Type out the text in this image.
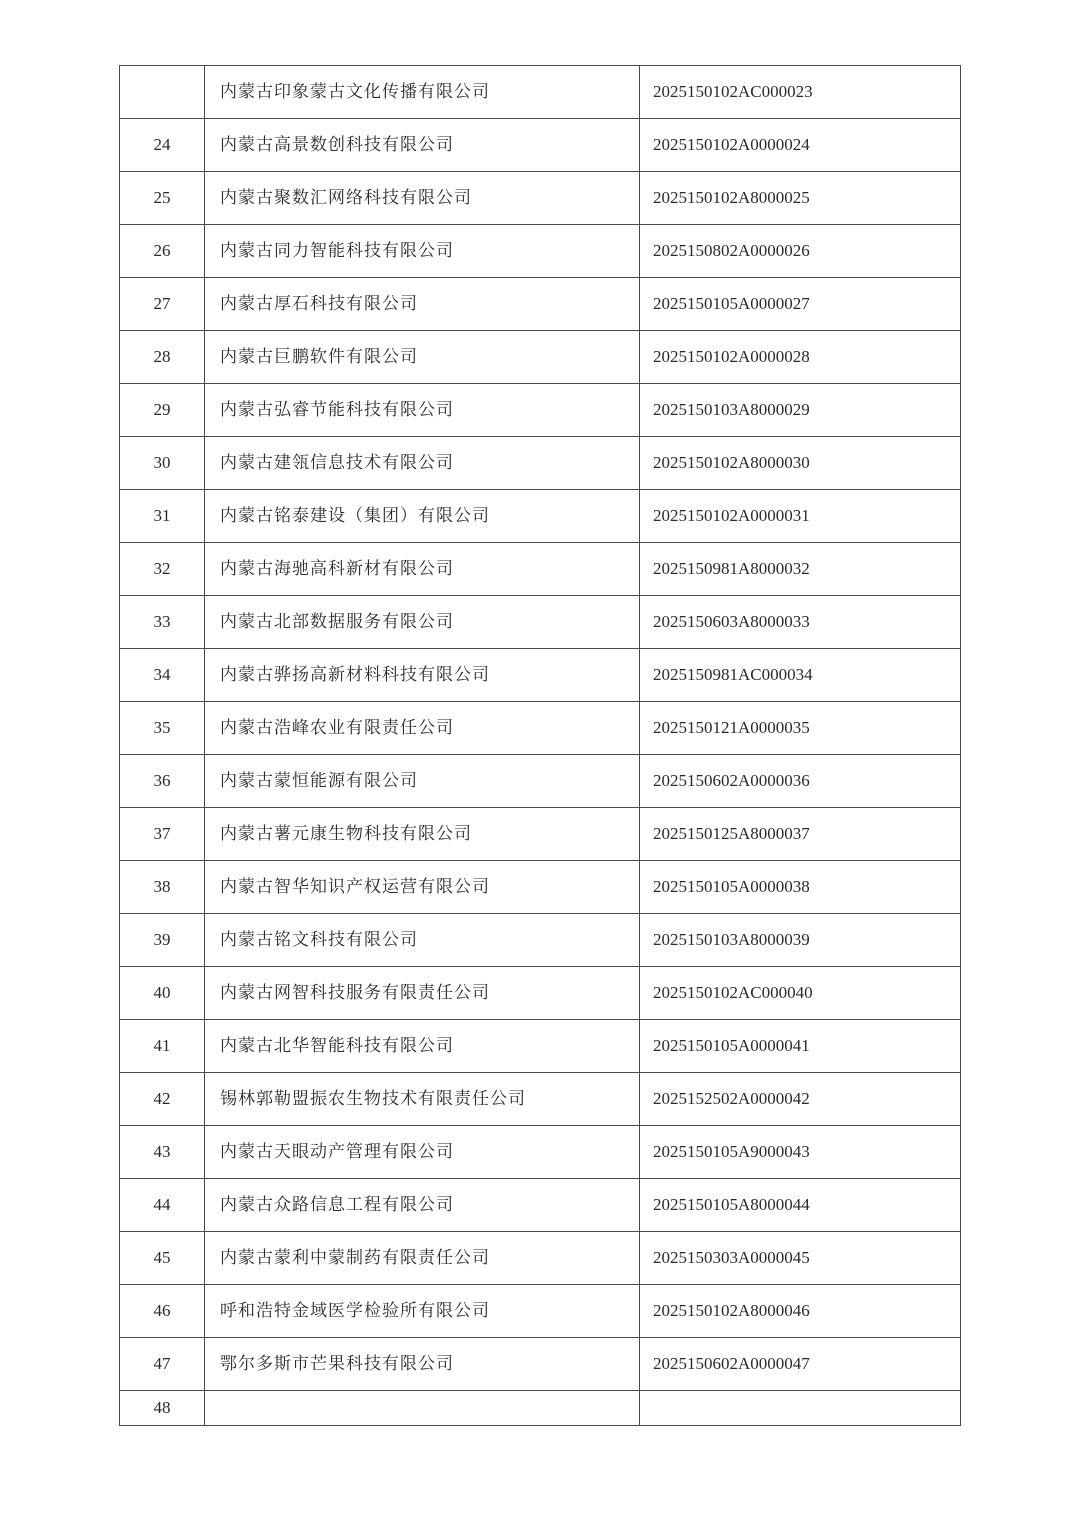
	内蒙古印象蒙古文化传播有限公司	2025150102AC000023
24	内蒙古高景数创科技有限公司	2025150102A0000024
25	内蒙古聚数汇网络科技有限公司	2025150102A8000025
26	内蒙古同力智能科技有限公司	2025150802A0000026
27	内蒙古厚石科技有限公司	2025150105A0000027
28	内蒙古巨鹏软件有限公司	2025150102A0000028
29	内蒙古弘睿节能科技有限公司	2025150103A8000029
30	内蒙古建瓴信息技术有限公司	2025150102A8000030
31	内蒙古铭泰建设（集团）有限公司	2025150102A0000031
32	内蒙古海驰高科新材有限公司	2025150981A8000032
33	内蒙古北部数据服务有限公司	2025150603A8000033
34	内蒙古骅扬高新材料科技有限公司	2025150981AC000034
35	内蒙古浩峰农业有限责任公司	2025150121A0000035
36	内蒙古蒙恒能源有限公司	2025150602A0000036
37	内蒙古薯元康生物科技有限公司	2025150125A8000037
38	内蒙古智华知识产权运营有限公司	2025150105A0000038
39	内蒙古铭文科技有限公司	2025150103A8000039
40	内蒙古网智科技服务有限责任公司	2025150102AC000040
41	内蒙古北华智能科技有限公司	2025150105A0000041
42	锡林郭勒盟振农生物技术有限责任公司	2025152502A0000042
43	内蒙古天眼动产管理有限公司	2025150105A9000043
44	内蒙古众路信息工程有限公司	2025150105A8000044
45	内蒙古蒙利中蒙制药有限责任公司	2025150303A0000045
46	呼和浩特金域医学检验所有限公司	2025150102A8000046
47	鄂尔多斯市芒果科技有限公司	2025150602A0000047
48		
